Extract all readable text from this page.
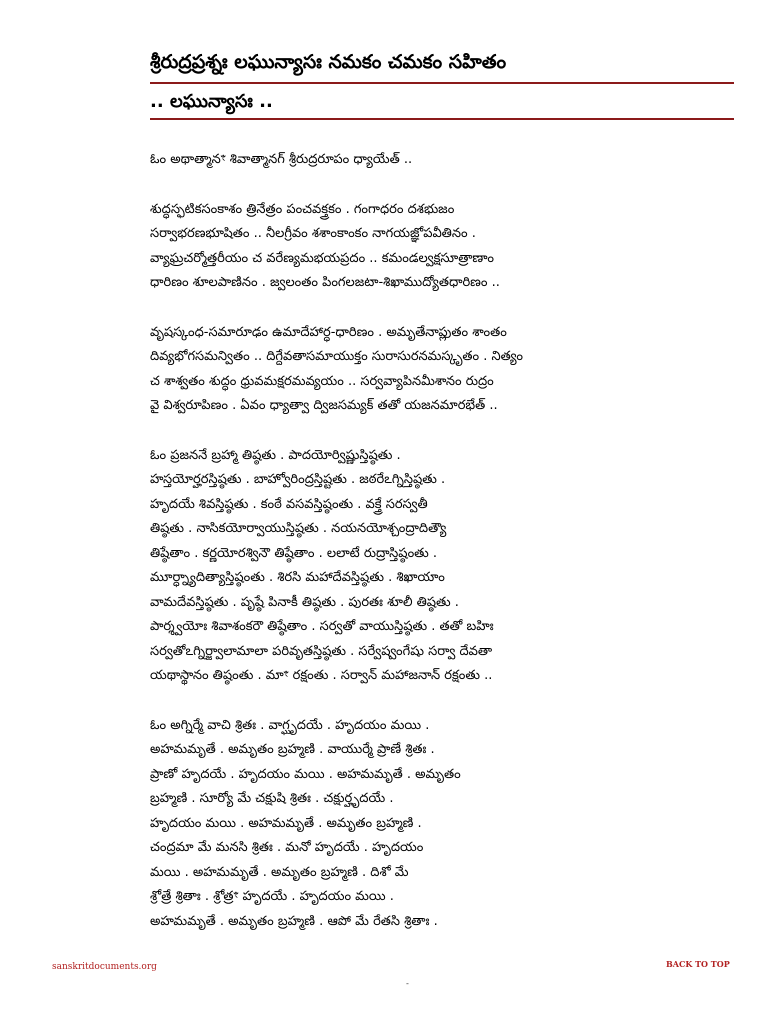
శ్రీరుద్రప్రశ్నః లఘున్యాసః నమకం చమకం సహితం
.. లఘున్యాసః ..
ఓం అథాత్మానꣳ శివాత్మానగ్ శ్రీరుద్రరూపం ధ్యాయేత్ ..
శుద్ధస్ఫటికసంకాశం త్రినేత్రం పంచవక్త్రకం . గంగాధరం దశభుజం
సర్వాభరణభూషితం .. నీలగ్రీవం శశాంకాంకం నాగయజ్ఞోపవీతినం .
వ్యాఘ్రచర్మోత్తరీయం చ వరేణ్యమభయప్రదం .. కమండల్వక్షసూత్రాణాం
ధారిణం శూలపాణినం . జ్వలంతం పింగలజటా-శిఖాముద్యోతధారిణం ..
వృషస్కంధ-సమారూఢం ఉమాదేహార్ధ-ధారిణం . అమృతేనాప్లుతం శాంతం
దివ్యభోగసమన్వితం .. దిగ్దేవతాసమాయుక్తం సురాసురనమస్కృతం . నిత్యం
చ శాశ్వతం శుద్ధం ధ్రువమక్షరమవ్యయం .. సర్వవ్యాపినమీశానం రుద్రం
వై విశ్వరూపిణం . ఏవం ధ్యాత్వా ద్విజసమ్యక్ తతో యజనమారభేత్ ..
ఓం ప్రజననే బ్రహ్మా తిష్ఠతు . పాదయోర్విష్ణుస్తిష్ఠతు .
హస్తయోర్హరస్తిష్ఠతు . బాహ్వోరింద్రస్తిష్టతు . జఠరేఽగ్నిస్తిష్ఠతు .
హృదయే శివస్తిష్ఠతు . కంఠే వసవస్తిష్ఠంతు . వక్త్రే సరస్వతీ
తిష్ఠతు . నాసికయోర్వాయుస్తిష్ఠతు . నయనయోశ్చంద్రాదిత్యౌ
తిష్ఠేతాం . కర్ణయోరశ్వినౌ తిష్ఠేతాం . లలాటే రుద్రాస్తిష్ఠంతు .
మూర్ధ్న్యాదిత్యాస్తిష్ఠంతు . శిరసి మహాదేవస్తిష్ఠతు . శిఖాయాం
వామదేవస్తిష్ఠతు . పృష్ఠే పినాకీ తిష్ఠతు . పురతః శూలీ తిష్ఠతు .
పార్శ్వయోః శివాశంకరౌ తిష్ఠేతాం . సర్వతో వాయుస్తిష్ఠతు . తతో బహిః
సర్వతోఽగ్నిర్జ్వాలామాలా పరివృతస్తిష్ఠతు . సర్వేష్వంగేషు సర్వా దేవతా
యథాస్థానం తిష్ఠంతు . మాꣳ రక్షంతు . సర్వాన్ మహాజనాన్ రక్షంతు ..
ఓం అగ్నిర్మే వాచి శ్రితః . వాగ్ఘృదయే . హృదయం మయి .
అహమమృతే . అమృతం బ్రహ్మణి . వాయుర్మే ప్రాణే శ్రితః .
ప్రాణో హృదయే . హృదయం మయి . అహమమృతే . అమృతం
బ్రహ్మణి . సూర్యో మే చక్షుషి శ్రితః . చక్షుర్హృదయే .
హృదయం మయి . అహమమృతే . అమృతం బ్రహ్మణి .
చంద్రమా మే మనసి శ్రితః . మనో హృదయే . హృదయం
మయి . అహమమృతే . అమృతం బ్రహ్మణి . దిశో మే
శ్రోత్రే శ్రితాః . శ్రోత్రꣳ హృదయే . హృదయం మయి .
అహమమృతే . అమృతం బ్రహ్మణి . ఆపో మే రేతసి శ్రితాః .
sanskritdocuments.org	BACK TO TOP
-
